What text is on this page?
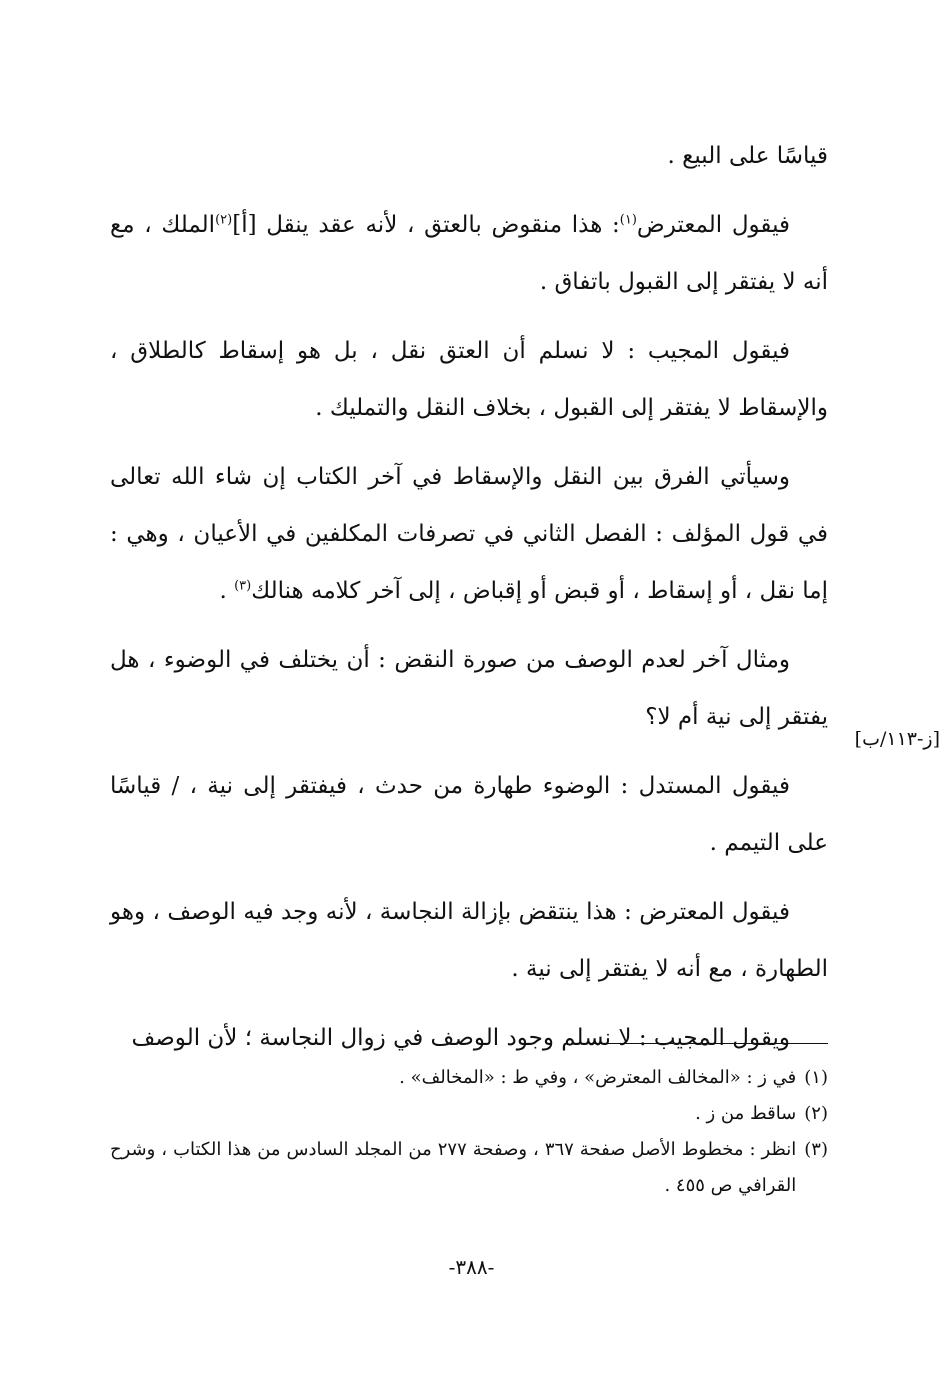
[ز-١١٣/ب]

قياسًا على البيع .

فيقول المعترض$^{(١)}$: هذا منقوض بالعتق ، لأنه عقد ينقل [أ]$^{(٢)}$الملك ، مع أنه لا يفتقر إلى القبول باتفاق .

فيقول المجيب : لا نسلم أن العتق نقل ، بل هو إسقاط كالطلاق ، والإسقاط لا يفتقر إلى القبول ، بخلاف النقل والتمليك .

وسيأتي الفرق بين النقل والإسقاط في آخر الكتاب إن شاء الله تعالى في قول المؤلف : الفصل الثاني في تصرفات المكلفين في الأعيان ، وهي : إما نقل ، أو إسقاط ، أو قبض أو إقباض ، إلى آخر كلامه هنالك$^{(٣)}$ .

ومثال آخر لعدم الوصف من صورة النقض : أن يختلف في الوضوء ، هل يفتقر إلى نية أم لا؟

فيقول المستدل : الوضوء طهارة من حدث ، فيفتقر إلى نية ، / قياسًا على التيمم .

فيقول المعترض : هذا ينتقض بإزالة النجاسة ، لأنه وجد فيه الوصف ، وهو الطهارة ، مع أنه لا يفتقر إلى نية .

ويقول المجيب : لا نسلم وجود الوصف في زوال النجاسة ؛ لأن الوصف

(١)
في ز : «المخالف المعترض» ، وفي ط : «المخالف» .
(٢)
ساقط من ز .
(٣)
انظر : مخطوط الأصل صفحة ٣٦٧ ، وصفحة ٢٧٧ من المجلد السادس من هذا الكتاب ، وشرح القرافي ص ٤٥٥ .
-٣٨٨-
